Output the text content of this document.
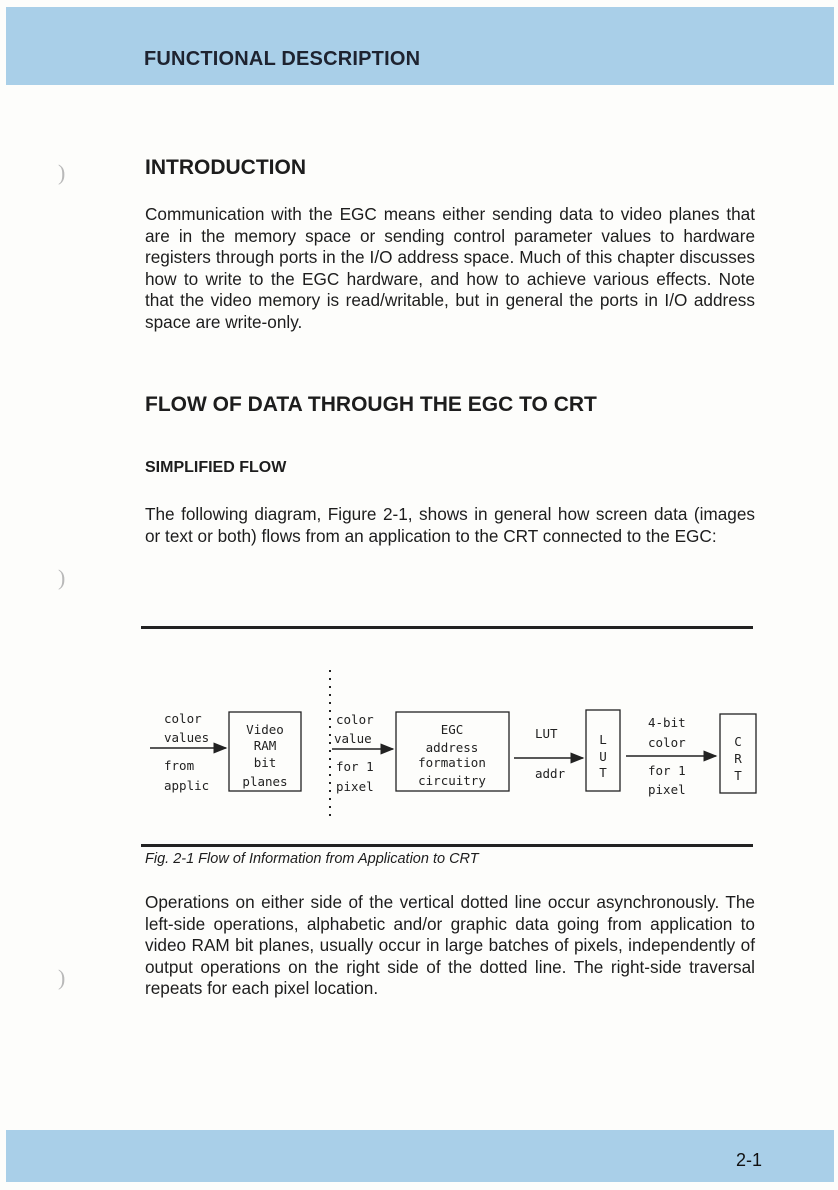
FUNCTIONAL DESCRIPTION
)
)
)
INTRODUCTION

Communication with the EGC means either sending data to video planes that are in the memory space or sending control parameter values to hardware registers through ports in the I/O address space. Much of this chapter discusses how to write to the EGC hardware, and how to achieve various effects. Note that the video memory is read/writable, but in general the ports in I/O address space are write-only.

FLOW OF DATA THROUGH THE EGC TO CRT
SIMPLIFIED FLOW

The following diagram, Figure 2-1, shows in general how screen data (images or text or both) flows from an application to the CRT connected to the EGC:

color
values
from
applic
Video
RAM
bit
planes
color
value
for 1
pixel
EGC
address
formation
circuitry
LUT
addr
L
U
T
4-bit
color
for 1
pixel
C
R
T
Fig. 2-1 Flow of Information from Application to CRT

Operations on either side of the vertical dotted line occur asynchronously. The left-side operations, alphabetic and/or graphic data going from application to video RAM bit planes, usually occur in large batches of pixels, independently of output operations on the right side of the dotted line. The right-side traversal repeats for each pixel location.

2-1
